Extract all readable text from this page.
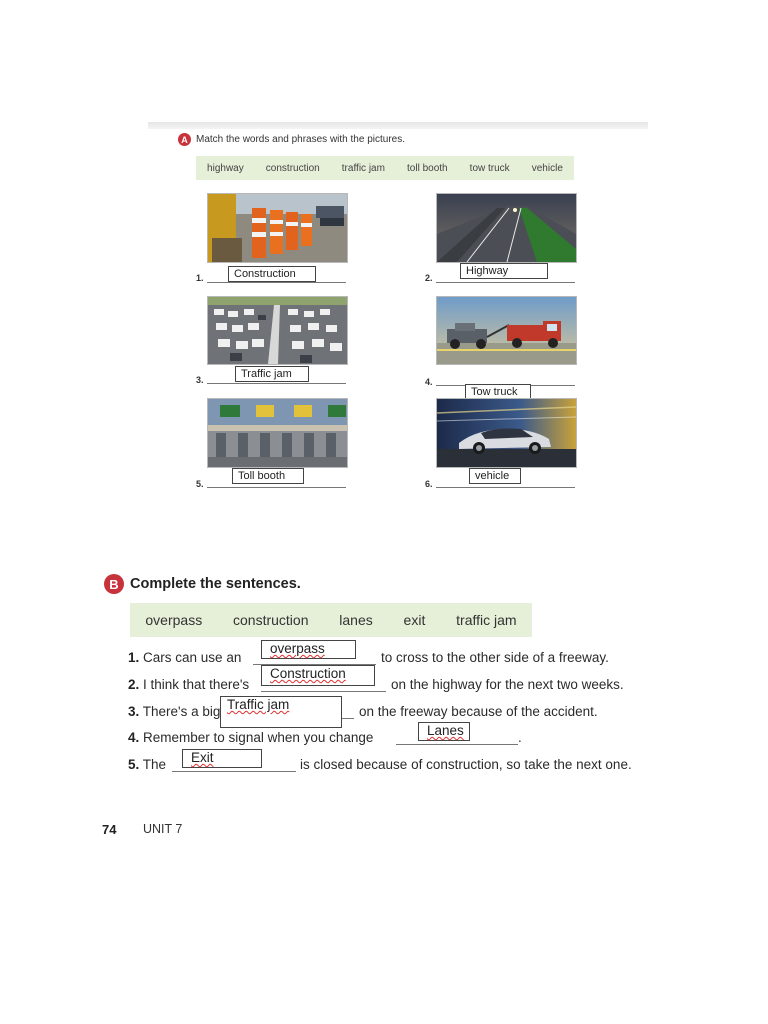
A Match the words and phrases with the pictures.
highway construction traffic jam toll booth tow truck vehicle
1.	Construction	2.
Highway
3.	Traffic jam
4.
Tow truck
5.
Toll booth
6.
vehicle
B Complete the sentences.
overpass construction lanes exit traffic jam
1. Cars can use an	to cross to the other side of a freeway.
overpass
2. I think that there's	on the highway for the next two weeks.
Construction
3. There's a big	on the freeway because of the accident.
Traffic jam
4. Remember to signal when you change	.
Lanes
5. The	is closed because of construction, so take the next one.
Exit
74 UNIT 7
